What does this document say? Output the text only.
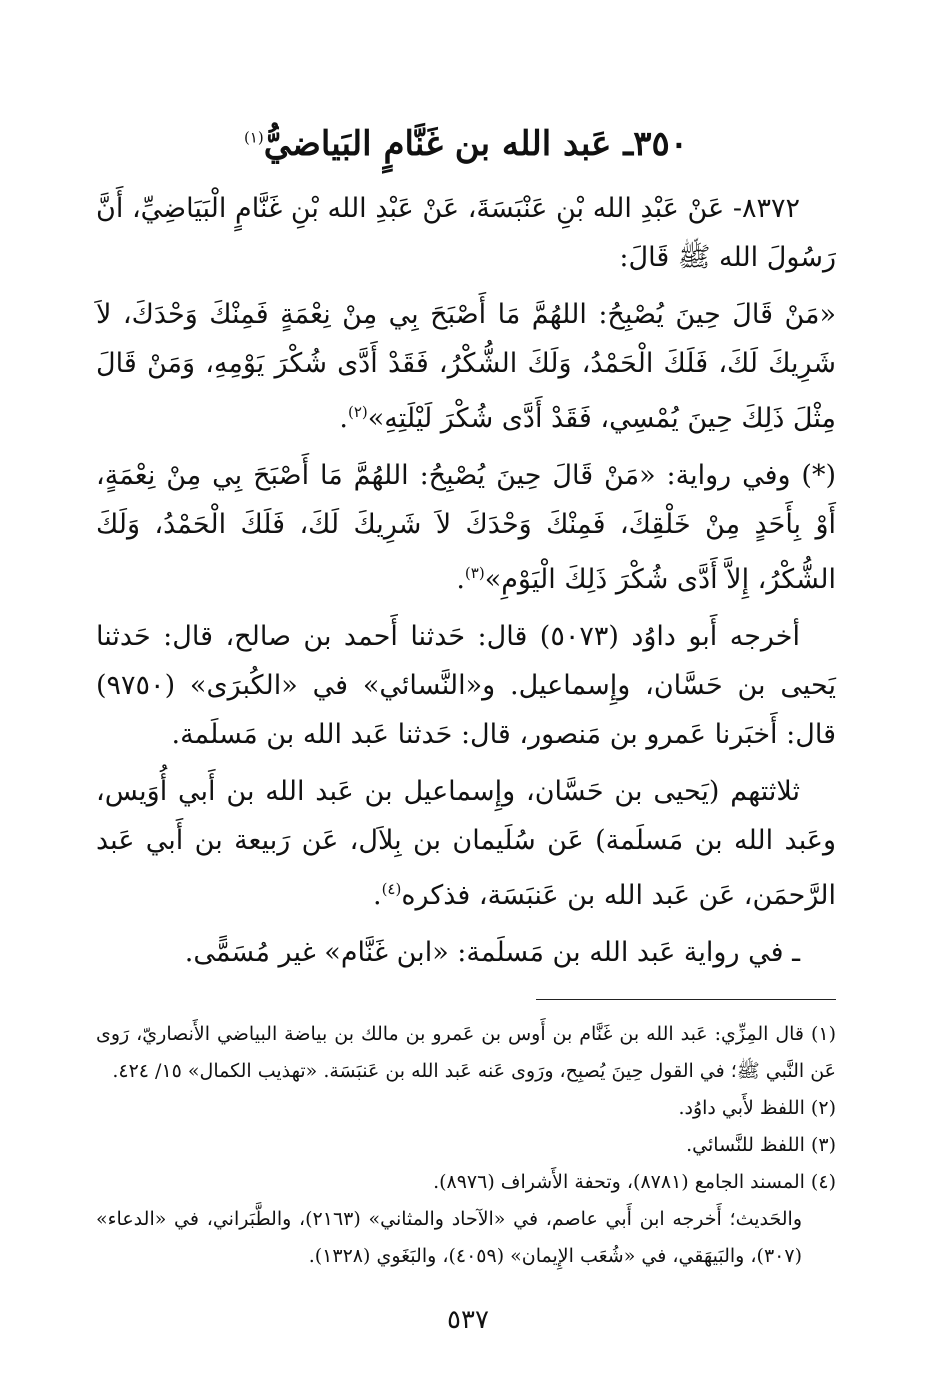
٣٥٠ـ عَبد الله بن غَنَّامٍ البَياضيُّ$^{(١)}$

٨٣٧٢- عَنْ عَبْدِ الله بْنِ عَنْبَسَةَ، عَنْ عَبْدِ الله بْنِ غَنَّامٍ الْبَيَاضِيِّ، أَنَّ رَسُولَ الله ﷺ قَالَ:

«مَنْ قَالَ حِينَ يُصْبِحُ: اللهُمَّ مَا أَصْبَحَ بِي مِنْ نِعْمَةٍ فَمِنْكَ وَحْدَكَ، لاَ شَرِيكَ لَكَ، فَلَكَ الْحَمْدُ، وَلَكَ الشُّكْرُ، فَقَدْ أَدَّى شُكْرَ يَوْمِهِ، وَمَنْ قَالَ مِثْلَ ذَلِكَ حِينَ يُمْسِي، فَقَدْ أَدَّى شُكْرَ لَيْلَتِهِ»$^{(٢)}$.

(*) وفي رواية: «مَنْ قَالَ حِينَ يُصْبِحُ: اللهُمَّ مَا أَصْبَحَ بِي مِنْ نِعْمَةٍ، أَوْ بِأَحَدٍ مِنْ خَلْقِكَ، فَمِنْكَ وَحْدَكَ لاَ شَرِيكَ لَكَ، فَلَكَ الْحَمْدُ، وَلَكَ الشُّكْرُ، إِلاَّ أَدَّى شُكْرَ ذَلِكَ الْيَوْمِ»$^{(٣)}$.

أخرجه أَبو داوُد (٥٠٧٣) قال: حَدثنا أَحمد بن صالح، قال: حَدثنا يَحيى بن حَسَّان، وإِسماعيل. و«النَّسائي» في «الكُبرَى» (٩٧٥٠) قال: أَخبَرنا عَمرو بن مَنصور، قال: حَدثنا عَبد الله بن مَسلَمة.

ثلاثتهم (يَحيى بن حَسَّان، وإِسماعيل بن عَبد الله بن أَبي أُوَيس، وعَبد الله بن مَسلَمة) عَن سُلَيمان بن بِلاَل، عَن رَبيعة بن أَبي عَبد الرَّحمَن، عَن عَبد الله بن عَنبَسَة، فذكره$^{(٤)}$.

ـ في رواية عَبد الله بن مَسلَمة: «ابن غَنَّام» غير مُسَمًّى.

(١) قال المِزِّي: عَبد الله بن غَنَّام بن أَوس بن عَمرو بن مالك بن بياضة البياضي الأَنصاريّ، رَوى عَن النَّبي ﷺ؛ في القول حِينَ يُصبِح، ورَوى عَنه عَبد الله بن عَنبَسَة. «تهذيب الكمال» ١٥/ ٤٢٤.

(٢) اللفظ لأَبي داوُد.

(٣) اللفظ للنَّسائي.

(٤) المسند الجامع (٨٧٨١)، وتحفة الأَشراف (٨٩٧٦).

والحَديث؛ أَخرجه ابن أَبي عاصم، في «الآحاد والمثاني» (٢١٦٣)، والطَّبَراني، في «الدعاء» (٣٠٧)، والبَيهَقي، في «شُعَب الإِيمان» (٤٠٥٩)، والبَغَوي (١٣٢٨).

٥٣٧
